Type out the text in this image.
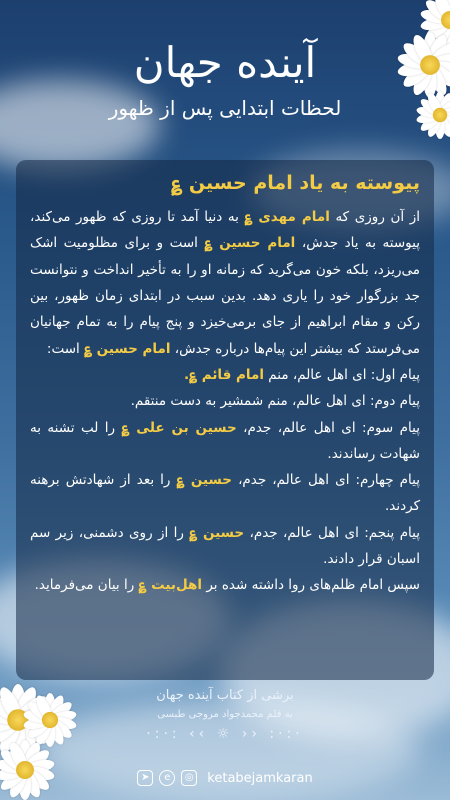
آینده جهان
لحظات ابتدایی پس از ظهور
پیوسته به یاد امام حسین ؏
از آن روزی که امام مهدی ؏ به دنیا آمد تا روزی که ظهور می‌کند، پیوسته به یاد جدش، امام حسین ؏ است و برای مظلومیت اشک می‌ریزد، بلکه خون می‌گرید که زمانه او را به تأخیر انداخت و نتوانست جد بزرگوار خود را یاری دهد. بدین سبب در ابتدای زمان ظهور، بین رکن و مقام ابراهیم از جای برمی‌خیزد و پنج پیام را به تمام جهانیان می‌فرستد که بیشتر این پیام‌ها درباره جدش، امام حسین ؏ است:
پیام اول: ای اهل عالم، منم امام قائم ؏.
پیام دوم: ای اهل عالم، منم شمشیر به دست منتقم.
پیام سوم: ای اهل عالم، جدم، حسین بن علی ؏ را لب تشنه به شهادت رساندند.
پیام چهارم: ای اهل عالم، جدم، حسین ؏ را بعد از شهادتش برهنه کردند.
پیام پنجم: ای اهل عالم، جدم، حسین ؏ را از روی دشمنی، زیر سم اسبان قرار دادند.
سپس امام ظلم‌های روا داشته شده بر اهل‌بیت ؏ را بیان می‌فرماید.
برشی از کتاب آینده جهان
به قلم محمدجواد مروجی طبسی
·:·: ‹‹ ☼ ›› :·:·
➤	e	◎ ketabejamkaran
